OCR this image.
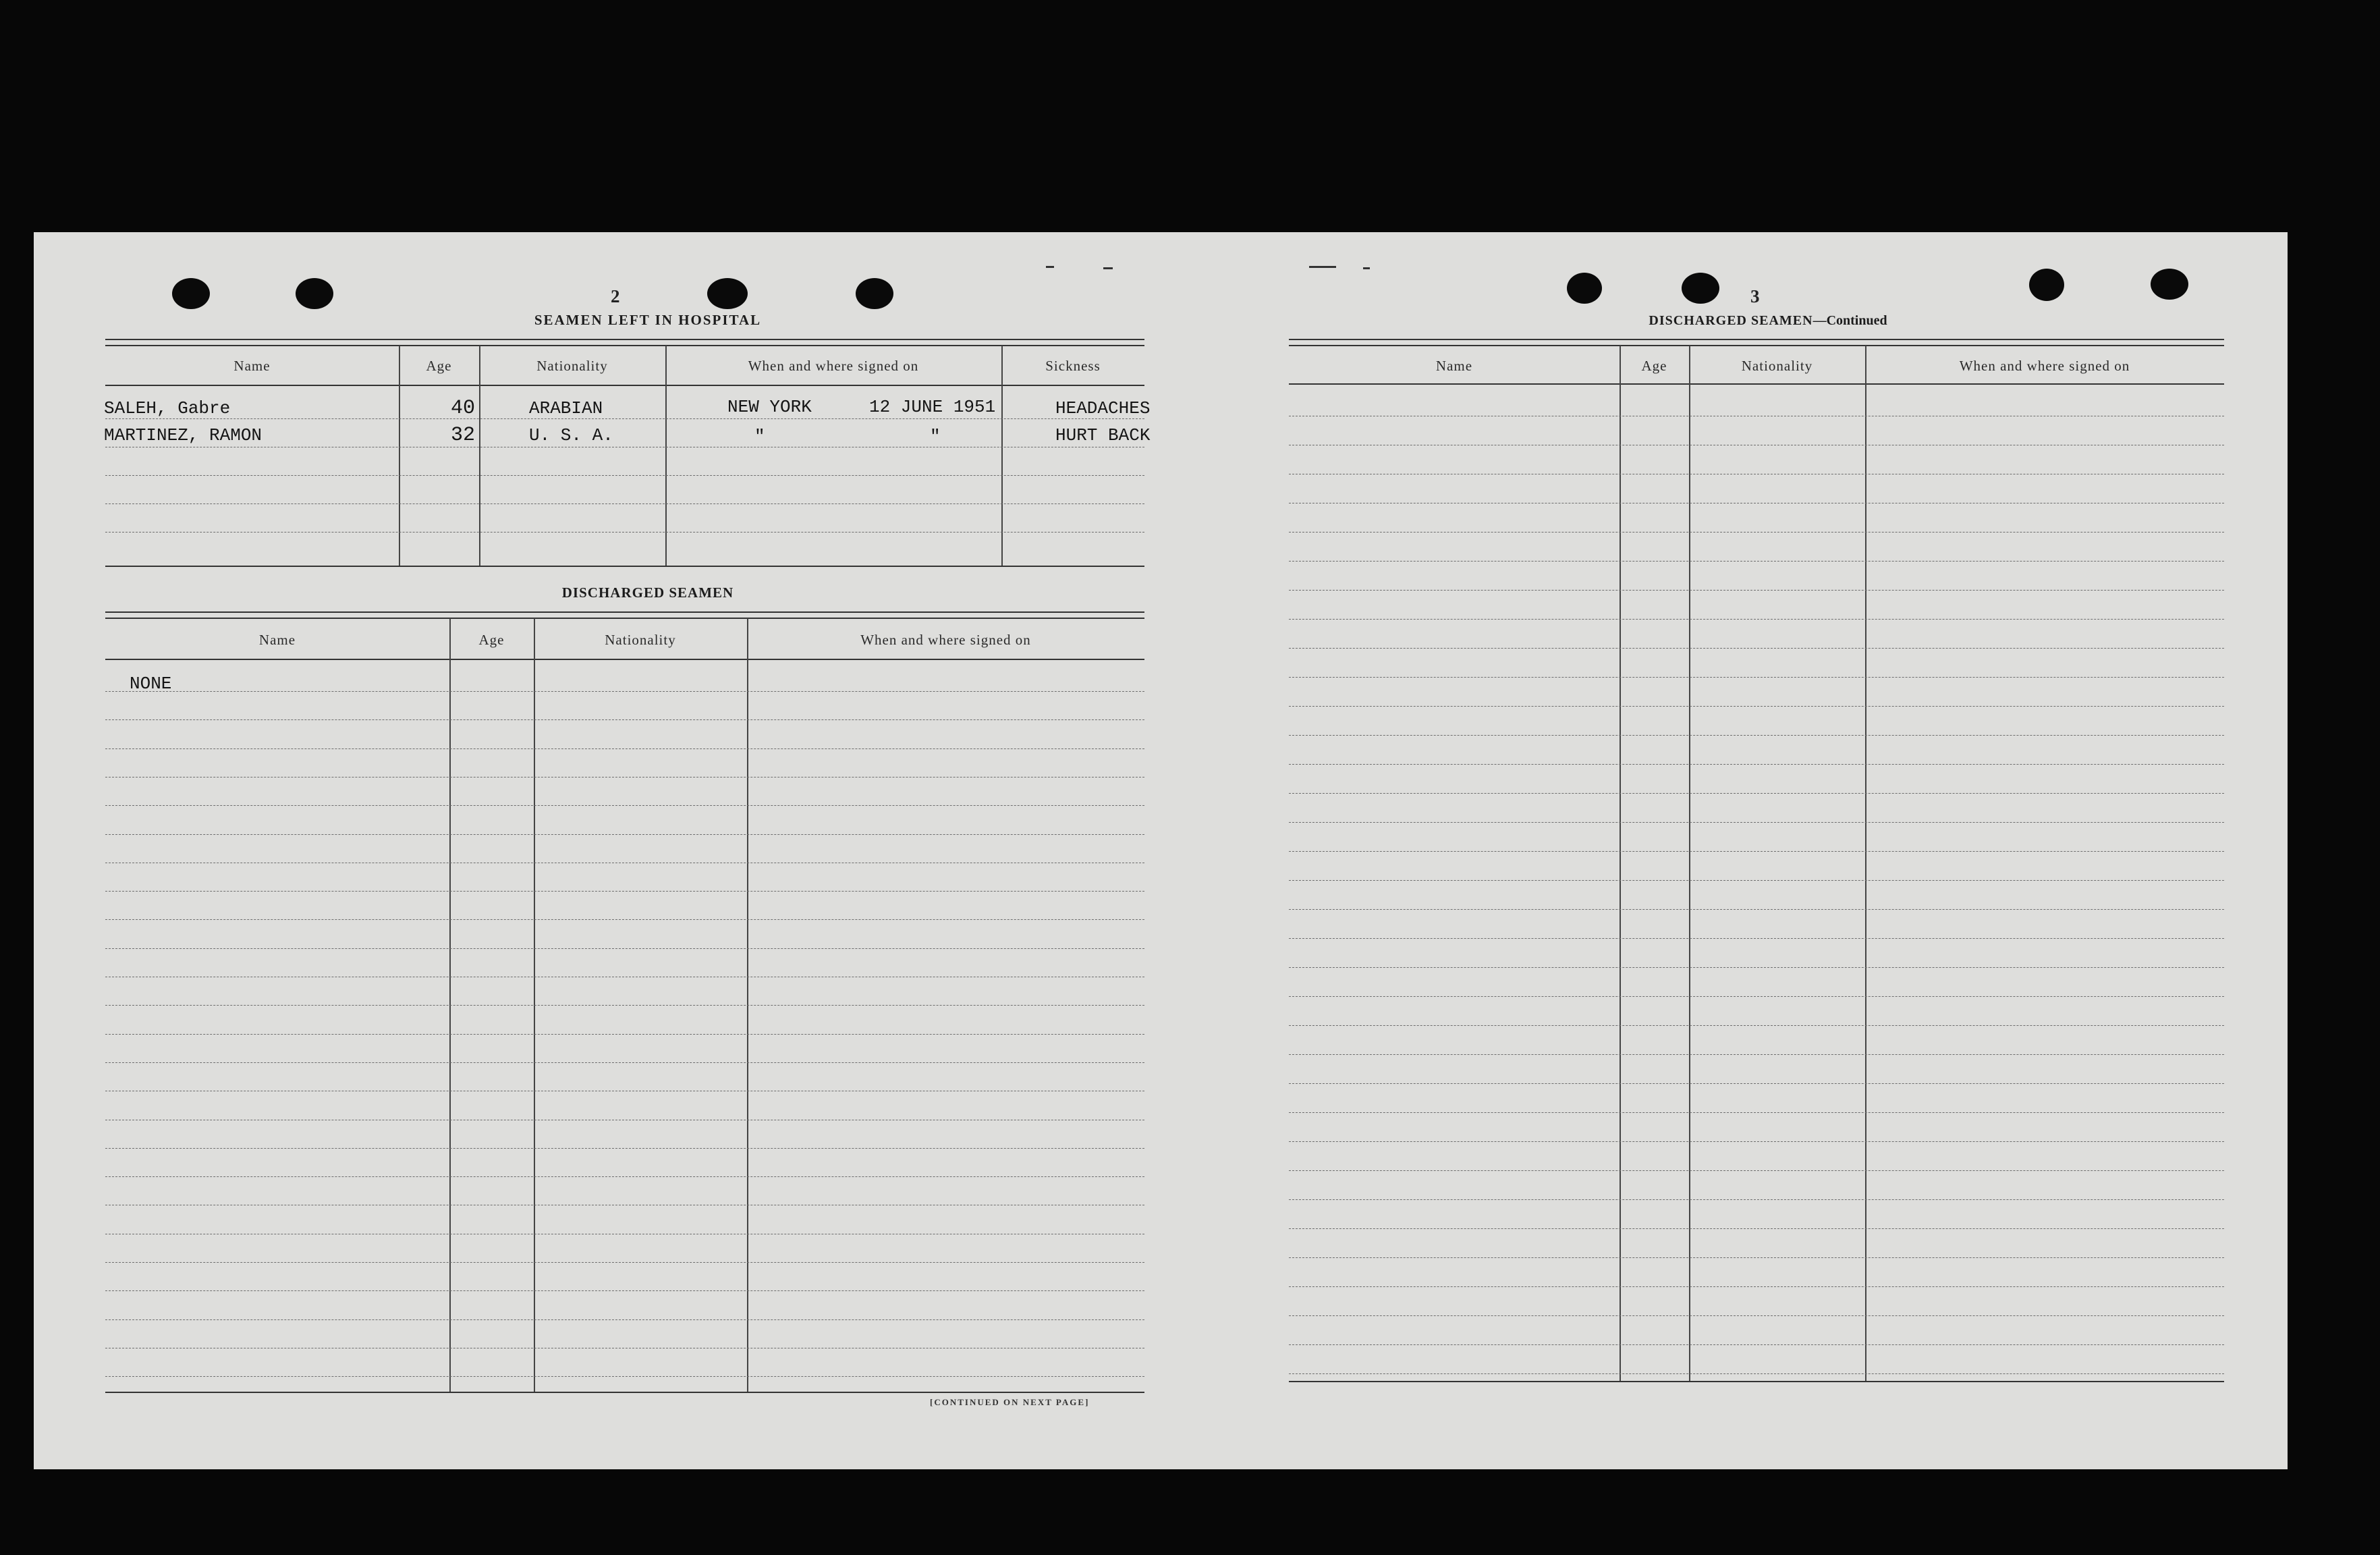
2
SEAMEN LEFT IN HOSPITAL
Name	Age	Nationality	When and where signed on	Sickness
SALEH, Gabre	40	ARABIAN	NEW YORK	12 JUNE 1951	HEADACHES
MARTINEZ, RAMON	32	U. S. A.	"	"	HURT BACK
DISCHARGED SEAMEN
Name	Age	Nationality	When and where signed on
NONE
[CONTINUED ON NEXT PAGE]
3
DISCHARGED SEAMEN—Continued
Name	Age	Nationality	When and where signed on
